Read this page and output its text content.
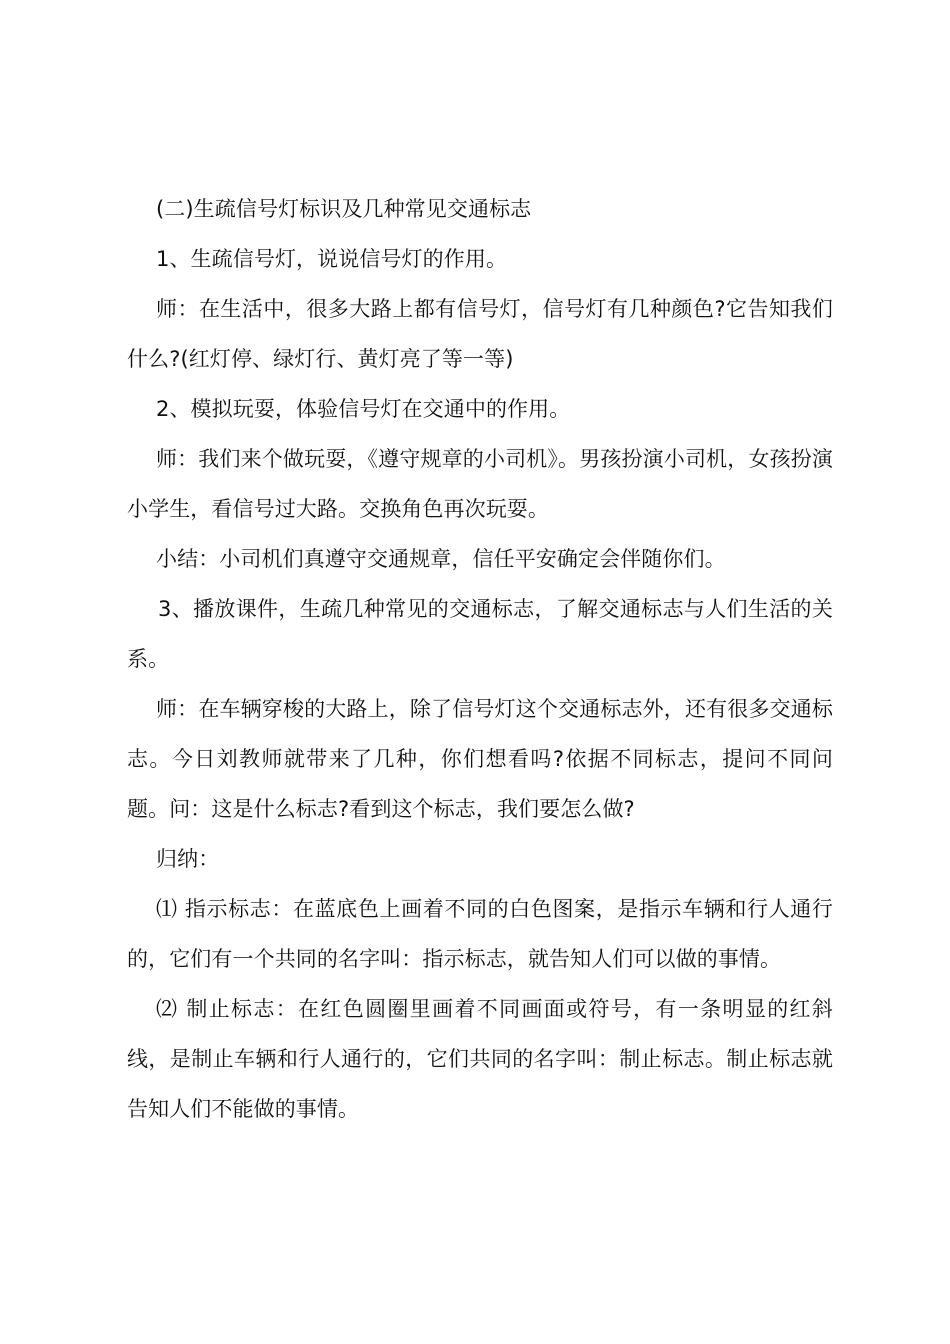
(二)生疏信号灯标识及几种常见交通标志

1、生疏信号灯，说说信号灯的作用。

师：在生活中，很多大路上都有信号灯，信号灯有几种颜色?它告知我们什么?(红灯停、绿灯行、黄灯亮了等一等)

2、模拟玩耍，体验信号灯在交通中的作用。

师：我们来个做玩耍，《遵守规章的小司机》。男孩扮演小司机，女孩扮演小学生，看信号过大路。交换角色再次玩耍。

小结：小司机们真遵守交通规章，信任平安确定会伴随你们。

3、播放课件，生疏几种常见的交通标志，了解交通标志与人们生活的关系。

师：在车辆穿梭的大路上，除了信号灯这个交通标志外，还有很多交通标志。今日刘教师就带来了几种，你们想看吗?依据不同标志，提问不同问题。问：这是什么标志?看到这个标志，我们要怎么做?

归纳：

⑴ 指示标志：在蓝底色上画着不同的白色图案，是指示车辆和行人通行的，它们有一个共同的名字叫：指示标志，就告知人们可以做的事情。

⑵ 制止标志：在红色圆圈里画着不同画面或符号，有一条明显的红斜线，是制止车辆和行人通行的，它们共同的名字叫：制止标志。制止标志就告知人们不能做的事情。
